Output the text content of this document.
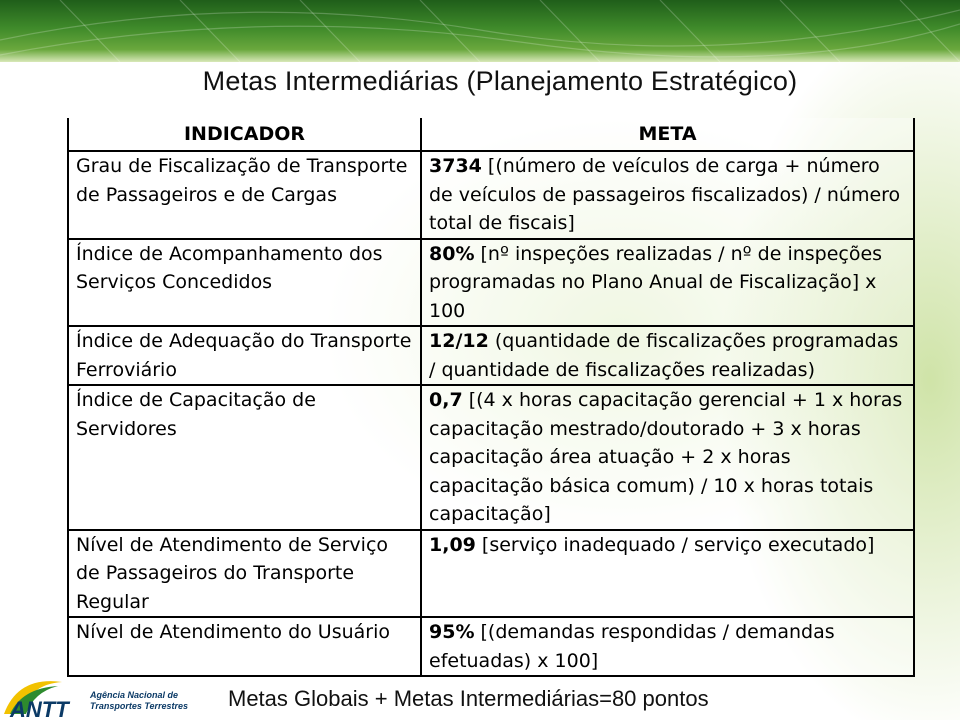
Metas Intermediárias (Planejamento Estratégico)
INDICADOR	META
Grau de Fiscalização de Transporte de Passageiros e de Cargas	3734 [(número de veículos de carga + número de veículos de passageiros fiscalizados) / número total de fiscais]
Índice de Acompanhamento dos Serviços Concedidos	80% [nº inspeções realizadas / nº de inspeções programadas no Plano Anual de Fiscalização] x 100
Índice de Adequação do Transporte Ferroviário	12/12 (quantidade de fiscalizações programadas / quantidade de fiscalizações realizadas)
Índice de Capacitação de Servidores	0,7 [(4 x horas capacitação gerencial + 1 x horas capacitação mestrado/doutorado + 3 x horas capacitação área atuação + 2 x horas capacitação básica comum) / 10 x horas totais capacitação]
Nível de Atendimento de Serviço de Passageiros do Transporte Regular	1,09 [serviço inadequado / serviço executado]
Nível de Atendimento do Usuário	95% [(demandas respondidas / demandas efetuadas) x 100]
ANTT
Agência Nacional de
Transportes Terrestres Metas Globais + Metas Intermediárias=80 pontos
